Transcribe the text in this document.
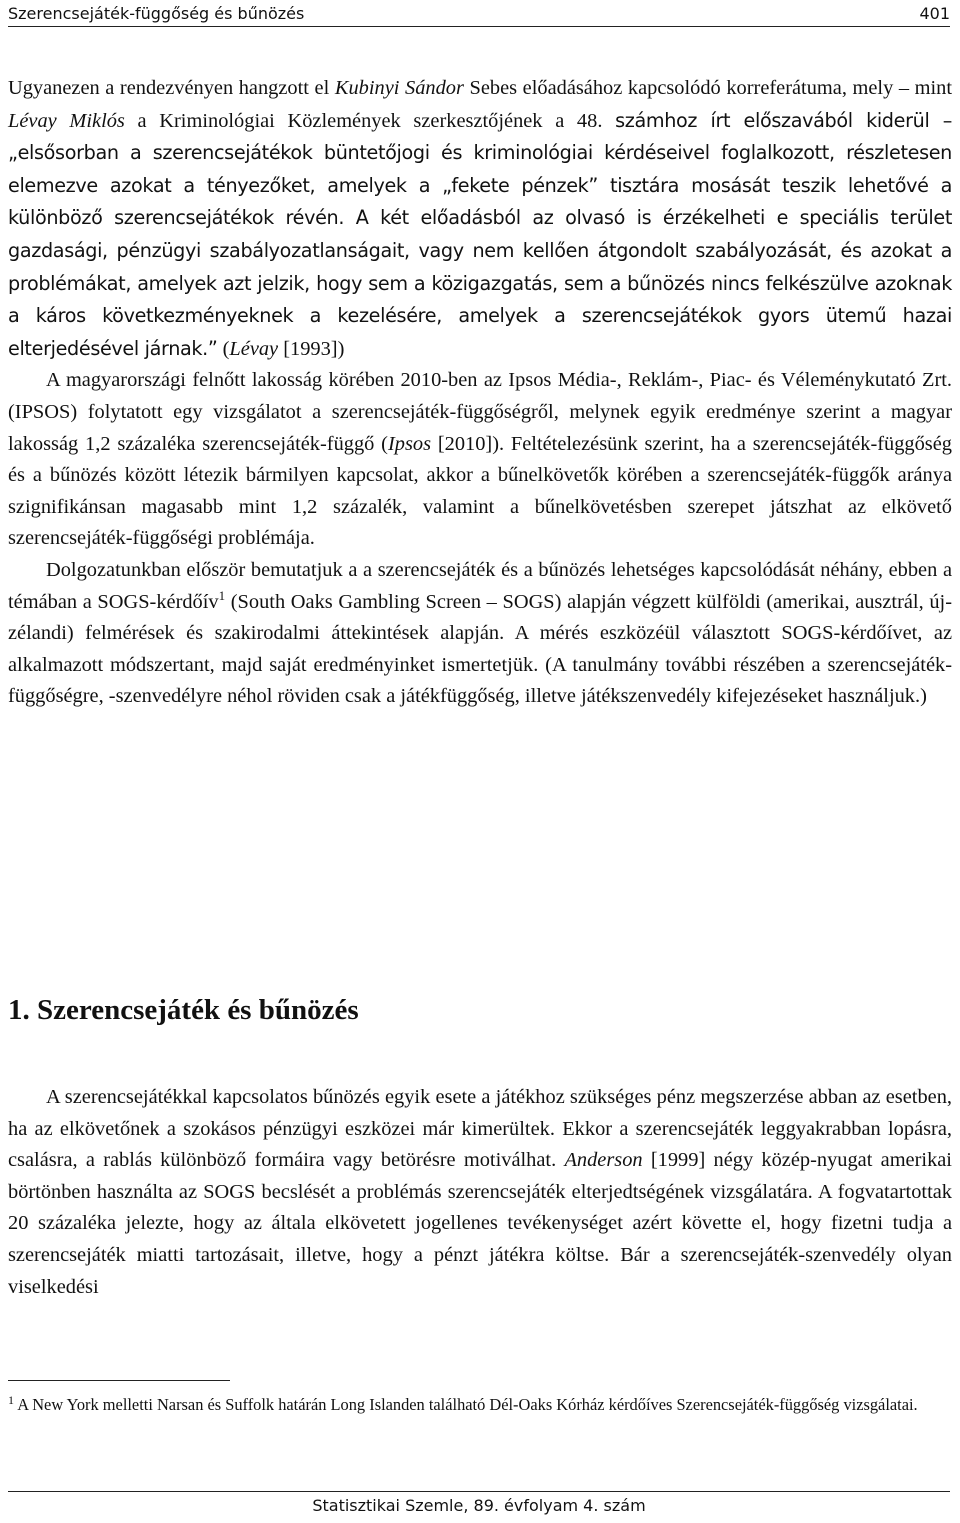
Szerencsejáték-függőség és bűnözés	401

Ugyanezen a rendezvényen hangzott el Kubinyi Sándor Sebes előadásához kapcsolódó korreferátuma, mely – mint Lévay Miklós a Kriminológiai Közlemények szerkesztőjének a 48. számhoz írt előszavából kiderül – „elsősorban a szerencsejátékok büntetőjogi és kriminológiai kérdéseivel foglalkozott, részletesen elemezve azokat a tényezőket, amelyek a „fekete pénzek” tisztára mosását teszik lehetővé a különböző szerencsejátékok révén. A két előadásból az olvasó is érzékelheti e speciális terület gazdasági, pénzügyi szabályozatlanságait, vagy nem kellően átgondolt szabályozását, és azokat a problémákat, amelyek azt jelzik, hogy sem a közigazgatás, sem a bűnözés nincs felkészülve azoknak a káros következményeknek a kezelésére, amelyek a szerencsejátékok gyors ütemű hazai elterjedésével járnak.” (Lévay [1993])

A magyarországi felnőtt lakosság körében 2010-ben az Ipsos Média-, Reklám-, Piac- és Véleménykutató Zrt. (IPSOS) folytatott egy vizsgálatot a szerencsejáték-függőségről, melynek egyik eredménye szerint a magyar lakosság 1,2 százaléka szerencsejáték-függő (Ipsos [2010]). Feltételezésünk szerint, ha a szerencsejáték-függőség és a bűnözés között létezik bármilyen kapcsolat, akkor a bűnelkövetők körében a szerencsejáték-függők aránya szignifikánsan magasabb mint 1,2 százalék, valamint a bűnelkövetésben szerepet játszhat az elkövető szerencsejáték-függőségi problémája.

Dolgozatunkban először bemutatjuk a a szerencsejáték és a bűnözés lehetséges kapcsolódását néhány, ebben a témában a SOGS-kérdőív$^1$ (South Oaks Gambling Screen – SOGS) alapján végzett külföldi (amerikai, ausztrál, új-zélandi) felmérések és szakirodalmi áttekintések alapján. A mérés eszközéül választott SOGS-kérdőívet, az alkalmazott módszertant, majd saját eredményinket ismertetjük. (A tanulmány további részében a szerencsejáték-függőségre, -szenvedélyre néhol röviden csak a játékfüggőség, illetve játékszenvedély kifejezéseket használjuk.)

1. Szerencsejáték és bűnözés

A szerencsejátékkal kapcsolatos bűnözés egyik esete a játékhoz szükséges pénz megszerzése abban az esetben, ha az elkövetőnek a szokásos pénzügyi eszközei már kimerültek. Ekkor a szerencsejáték leggyakrabban lopásra, csalásra, a rablás különböző formáira vagy betörésre motiválhat. Anderson [1999] négy közép-nyugat amerikai börtönben használta az SOGS becslését a problémás szerencsejáték elterjedtségének vizsgálatára. A fogvatartottak 20 százaléka jelezte, hogy az általa elkövetett jogellenes tevékenységet azért követte el, hogy fizetni tudja a szerencsejáték miatti tartozásait, illetve, hogy a pénzt játékra költse. Bár a szerencsejáték-szenvedély olyan viselkedési

$^1$ A New York melletti Narsan és Suffolk határán Long Islanden található Dél-Oaks Kórház kérdőíves Szerencsejáték-függőség vizsgálatai.
Statisztikai Szemle, 89. évfolyam 4. szám
